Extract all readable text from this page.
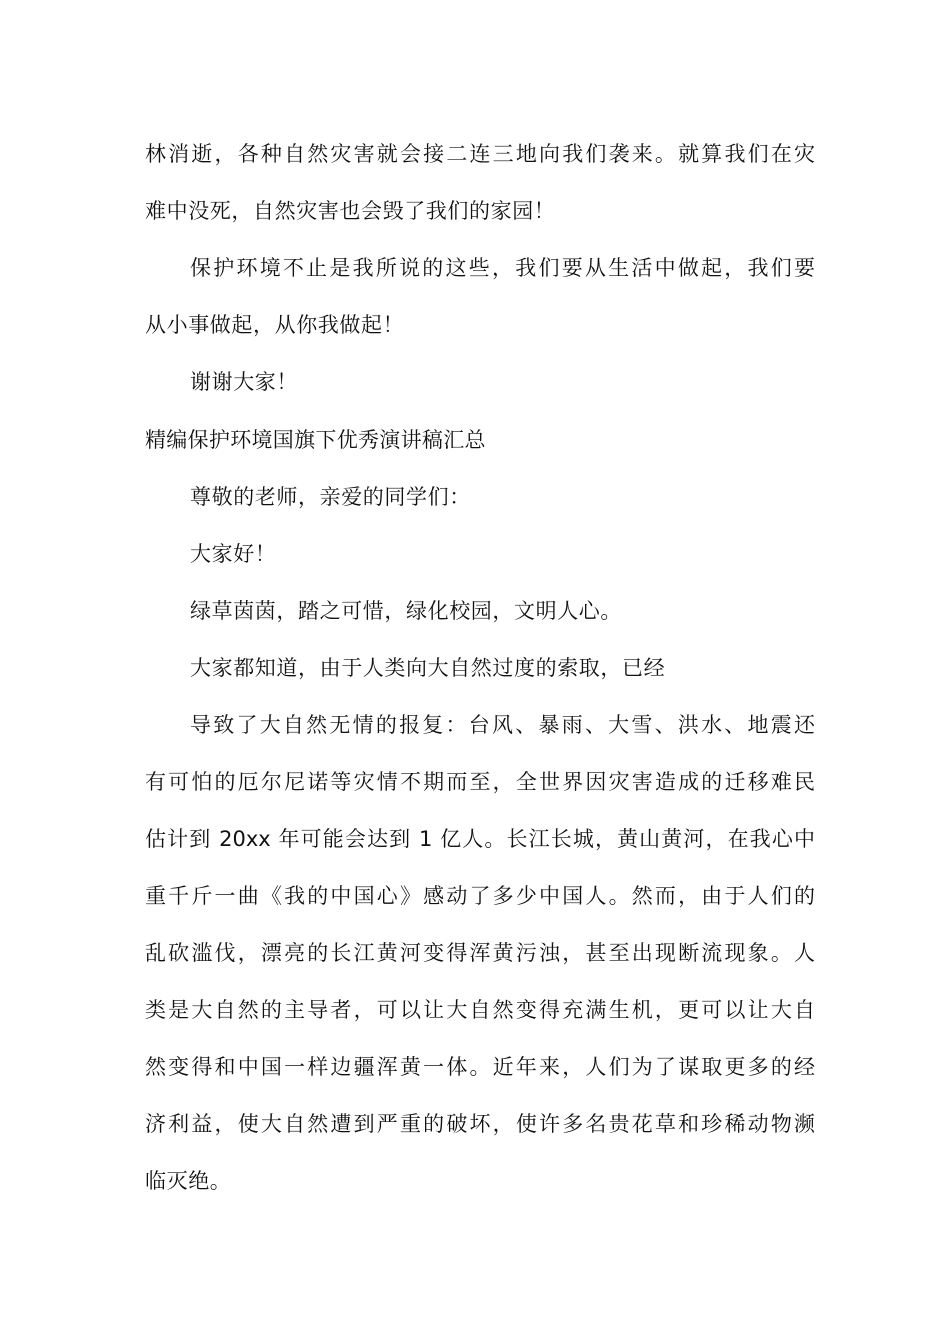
林消逝，各种自然灾害就会接二连三地向我们袭来。就算我们在灾
难中没死，自然灾害也会毁了我们的家园！
保护环境不止是我所说的这些，我们要从生活中做起，我们要
从小事做起，从你我做起！
谢谢大家！
精编保护环境国旗下优秀演讲稿汇总
尊敬的老师，亲爱的同学们：
大家好！
绿草茵茵，踏之可惜，绿化校园，文明人心。
大家都知道，由于人类向大自然过度的索取，已经
导致了大自然无情的报复：台风、暴雨、大雪、洪水、地震还
有可怕的厄尔尼诺等灾情不期而至，全世界因灾害造成的迁移难民
估计到 20xx 年可能会达到 1 亿人。长江长城，黄山黄河，在我心中
重千斤一曲《我的中国心》感动了多少中国人。然而，由于人们的
乱砍滥伐，漂亮的长江黄河变得浑黄污浊，甚至出现断流现象。人
类是大自然的主导者，可以让大自然变得充满生机，更可以让大自
然变得和中国一样边疆浑黄一体。近年来，人们为了谋取更多的经
济利益，使大自然遭到严重的破坏，使许多名贵花草和珍稀动物濒
临灭绝。
